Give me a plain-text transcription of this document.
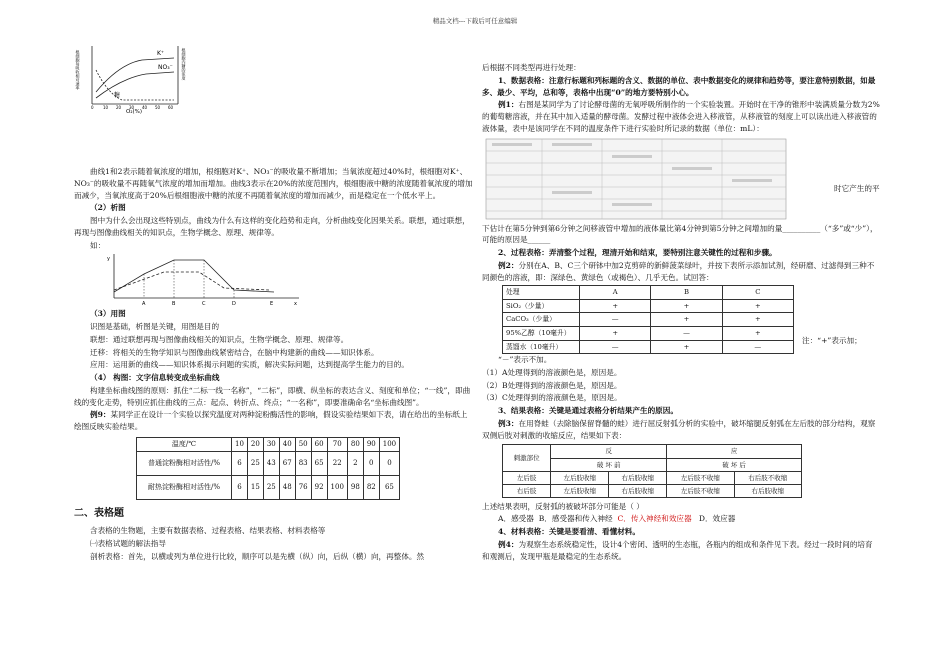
精品文档---下载后可任意编辑
K⁺
NO₃⁻
糖
O₂(%)
根细胞每吸收相对速率	根细胞内糖的浓度
0 10 20 30 40 50 60

曲线1和2表示随着氧浓度的增加，根细胞对K⁺、NO₃⁻的吸收量不断增加；当氧浓度超过40%时，根细胞对K⁺、NO₃⁻的吸收量不再随氧气浓度的增加而增加。曲线3表示在20%的浓度范围内，根细胞液中糖的浓度随着氧浓度的增加而减少，当氧浓度高于20%后根细胞液中糖的浓度不再随着氧浓度的增加而减少，而是稳定在一个低水平上。

（2）析图

图中为什么会出现这些特别点，曲线为什么有这样的变化趋势和走向，分析曲线变化因果关系。联想，通过联想，再现与图像曲线相关的知识点，生物学概念、原理、规律等。

如：

y
x
A	B	C	D	E

（3）用图

识图是基础，析图是关键，用图是目的

联想：通过联想再现与图像曲线相关的知识点，生物学概念、原理、规律等。

迁移：将相关的生物学知识与图像曲线紧密结合，在脑中构建新的曲线——知识体系。

应用：运用新的曲线——知识体系揭示问题的实质，解决实际问题，达到提高学生能力的目的。

（4） 构图：文字信息转变成坐标曲线

构建坐标曲线图的原则：抓住“二标一线一名称”，“二标”，即横、纵坐标的表达含义、刻度和单位；“一线”，即曲线的变化走势，特别应抓住曲线的三点：起点、转折点、终点；“一名称”，即要准确命名“坐标曲线图”。

例9：某同学正在设计一个实验以探究温度对两种淀粉酶活性的影响，假设实验结果如下表，请在给出的坐标纸上绘图反映实验结果。

温度/℃	10	20	30	40	50	60	70	80	90	100
普通淀粉酶相对活性/%	6	25	43	67	83	65	22	2	0	0
耐热淀粉酶相对活性/%	6	15	25	48	76	92	100	98	82	65
二、表格题

含表格的生物题，主要有数据表格、过程表格、结果表格、材料表格等

㈠表格试题的解法指导

剖析表格：首先，以横或列为单位进行比较，顺序可以是先横（纵）向，后纵（横）向，再整体。然

后根据不同类型再进行处理：

1、数据表格：注意行标题和列标题的含义、数据的单位、表中数据变化的规律和趋势等，要注意特别数据，如最多、最少、平均，总和等，表格中出现“0”的地方要特别小心。

例1：右图是某同学为了讨论酵母菌的无氧呼吸所制作的一个实验装置。开始时在干净的锥形中装满质量分数为2%的葡萄糖溶液，并在其中加入适量的酵母菌。发酵过程中液体会进入移液管，从移液管的刻度上可以读出进入移液管的液体量，表中是该同学在不同的温度条件下进行实验时所记录的数据（单位：mL）：

时它产生的平

下估计在第5分钟到第6分钟之间移液管中增加的液体量比第4分钟到第5分钟之间增加的量__________（“多”或“少”），可能的原因是______

2、过程表格：弄清整个过程，理清开始和结束，要特别注意关键性的过程和步骤。

例2：分别在A、B、C三个研钵中加2克剪碎的新鲜菠菜绿叶，并按下表所示添加试剂，经研磨、过滤得到三种不同颜色的溶液，即：深绿色、黄绿色（或褐色）、几乎无色。试回答：

处理	A	B	C
SiO₂（少量）	+	+	+
CaCO₃（少量）	—	+	+
95%乙醇（10毫升）	+	—	+
蒸馏水（10毫升）	—	+	—
注：“+”表示加；

“－”表示不加。

（1）A处理得到的溶液颜色是，原因是。

（2）B处理得到的溶液颜色是，原因是。

（3）C处理得到的溶液颜色是，原因是。

3、结果表格：关键是通过表格分析结果产生的原因。

例3：在用脊蛙（去除脑保留脊髓的蛙）进行屈反射弧分析的实验中，破坏缩腿反射弧在左后肢的部分结构，观察双侧后肢对刺激的收缩反应，结果如下表：

刺激部位	反		应	
	破 坏 前		破 坏 后	
左后肢	左后肢收缩	右后肢收缩	左后肢不收缩	右后肢不收缩
右后肢	左后肢收缩	右后肢收缩	左后肢不收缩	右后肢收缩

上述结果表明，反射弧的被破坏部分可能是（ ）

A．感受器 B．感受器和传入神经 C．传入神经和效应器 D．效应器

4、材料表格：关键是要看清、看懂材料。

例4：为观察生态系统稳定性，设计4个密闭、透明的生态瓶，各瓶内的组成和条件见下表。经过一段时间的培育和观测后，发现甲瓶是最稳定的生态系统。
